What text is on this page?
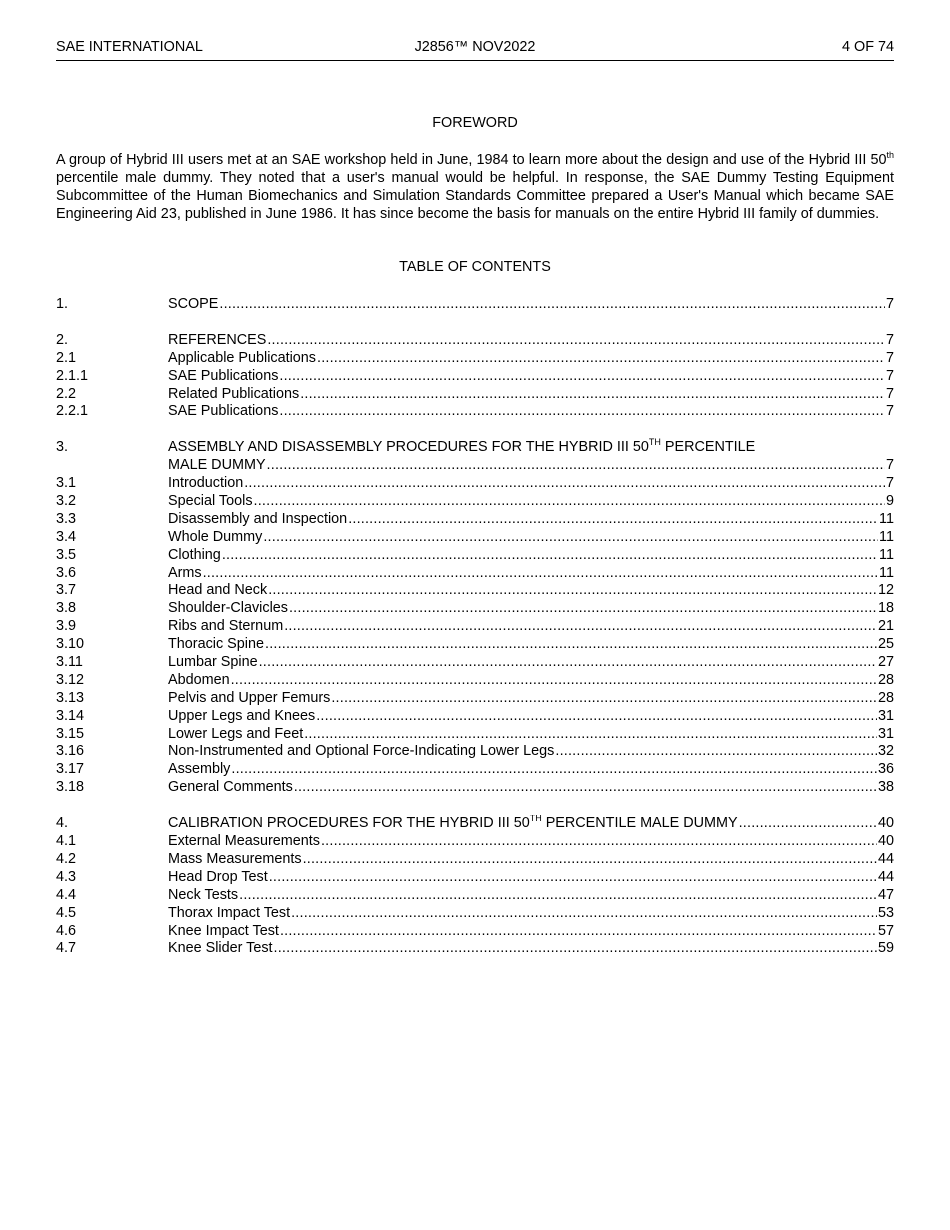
SAE INTERNATIONAL	J2856™ NOV2022	4 OF 74
FOREWORD
A group of Hybrid III users met at an SAE workshop held in June, 1984 to learn more about the design and use of the Hybrid III 50th percentile male dummy. They noted that a user's manual would be helpful. In response, the SAE Dummy Testing Equipment Subcommittee of the Human Biomechanics and Simulation Standards Committee prepared a User's Manual which became SAE Engineering Aid 23, published in June 1986. It has since become the basis for manuals on the entire Hybrid III family of dummies.
TABLE OF CONTENTS
1.	SCOPE .....	7
2.	REFERENCES .....	7
2.1	Applicable Publications .....	7
2.1.1	SAE Publications .....	7
2.2	Related Publications .....	7
2.2.1	SAE Publications .....	7
3.	ASSEMBLY AND DISASSEMBLY PROCEDURES FOR THE HYBRID III 50TH PERCENTILE
MALE DUMMY .....	7
3.1	Introduction .....	7
3.2	Special Tools .....	9
3.3	Disassembly and Inspection .....	11
3.4	Whole Dummy .....	11
3.5	Clothing .....	11
3.6	Arms .....	11
3.7	Head and Neck .....	12
3.8	Shoulder-Clavicles .....	18
3.9	Ribs and Sternum .....	21
3.10	Thoracic Spine .....	25
3.11	Lumbar Spine .....	27
3.12	Abdomen .....	28
3.13	Pelvis and Upper Femurs .....	28
3.14	Upper Legs and Knees .....	31
3.15	Lower Legs and Feet .....	31
3.16	Non-Instrumented and Optional Force-Indicating Lower Legs .....	32
3.17	Assembly .....	36
3.18	General Comments .....	38
4.	CALIBRATION PROCEDURES FOR THE HYBRID III 50TH PERCENTILE MALE DUMMY .....	40
4.1	External Measurements .....	40
4.2	Mass Measurements .....	44
4.3	Head Drop Test .....	44
4.4	Neck Tests .....	47
4.5	Thorax Impact Test .....	53
4.6	Knee Impact Test .....	57
4.7	Knee Slider Test .....	59
